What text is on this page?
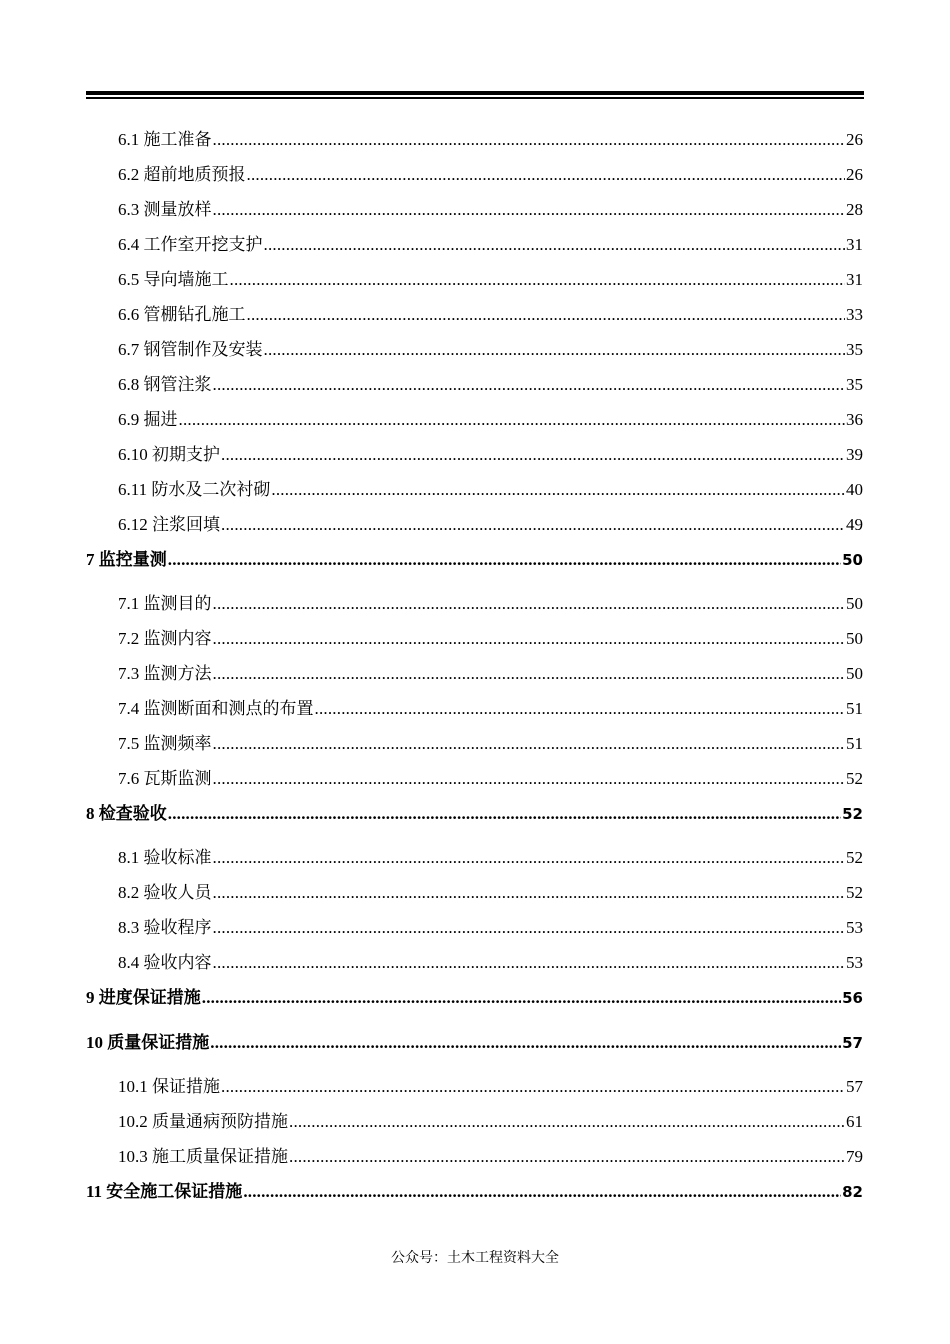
6.1 施工准备 .....	26
6.2 超前地质预报 .....	26
6.3 测量放样 .....	28
6.4 工作室开挖支护 .....	31
6.5 导向墙施工 .....	31
6.6 管棚钻孔施工 .....	33
6.7 钢管制作及安装 .....	35
6.8 钢管注浆 .....	35
6.9 掘进 .....	36
6.10 初期支护 .....	39
6.11 防水及二次衬砌 .....	40
6.12 注浆回填 .....	49
7 监控量测 .....	50
7.1 监测目的 .....	50
7.2 监测内容 .....	50
7.3 监测方法 .....	50
7.4 监测断面和测点的布置 .....	51
7.5 监测频率 .....	51
7.6 瓦斯监测 .....	52
8 检查验收 .....	52
8.1 验收标准 .....	52
8.2 验收人员 .....	52
8.3 验收程序 .....	53
8.4 验收内容 .....	53
9 进度保证措施 .....	56
10 质量保证措施 .....	57
10.1 保证措施 .....	57
10.2 质量通病预防措施 .....	61
10.3 施工质量保证措施 .....	79
11 安全施工保证措施 .....	82
公众号：土木工程资料大全
